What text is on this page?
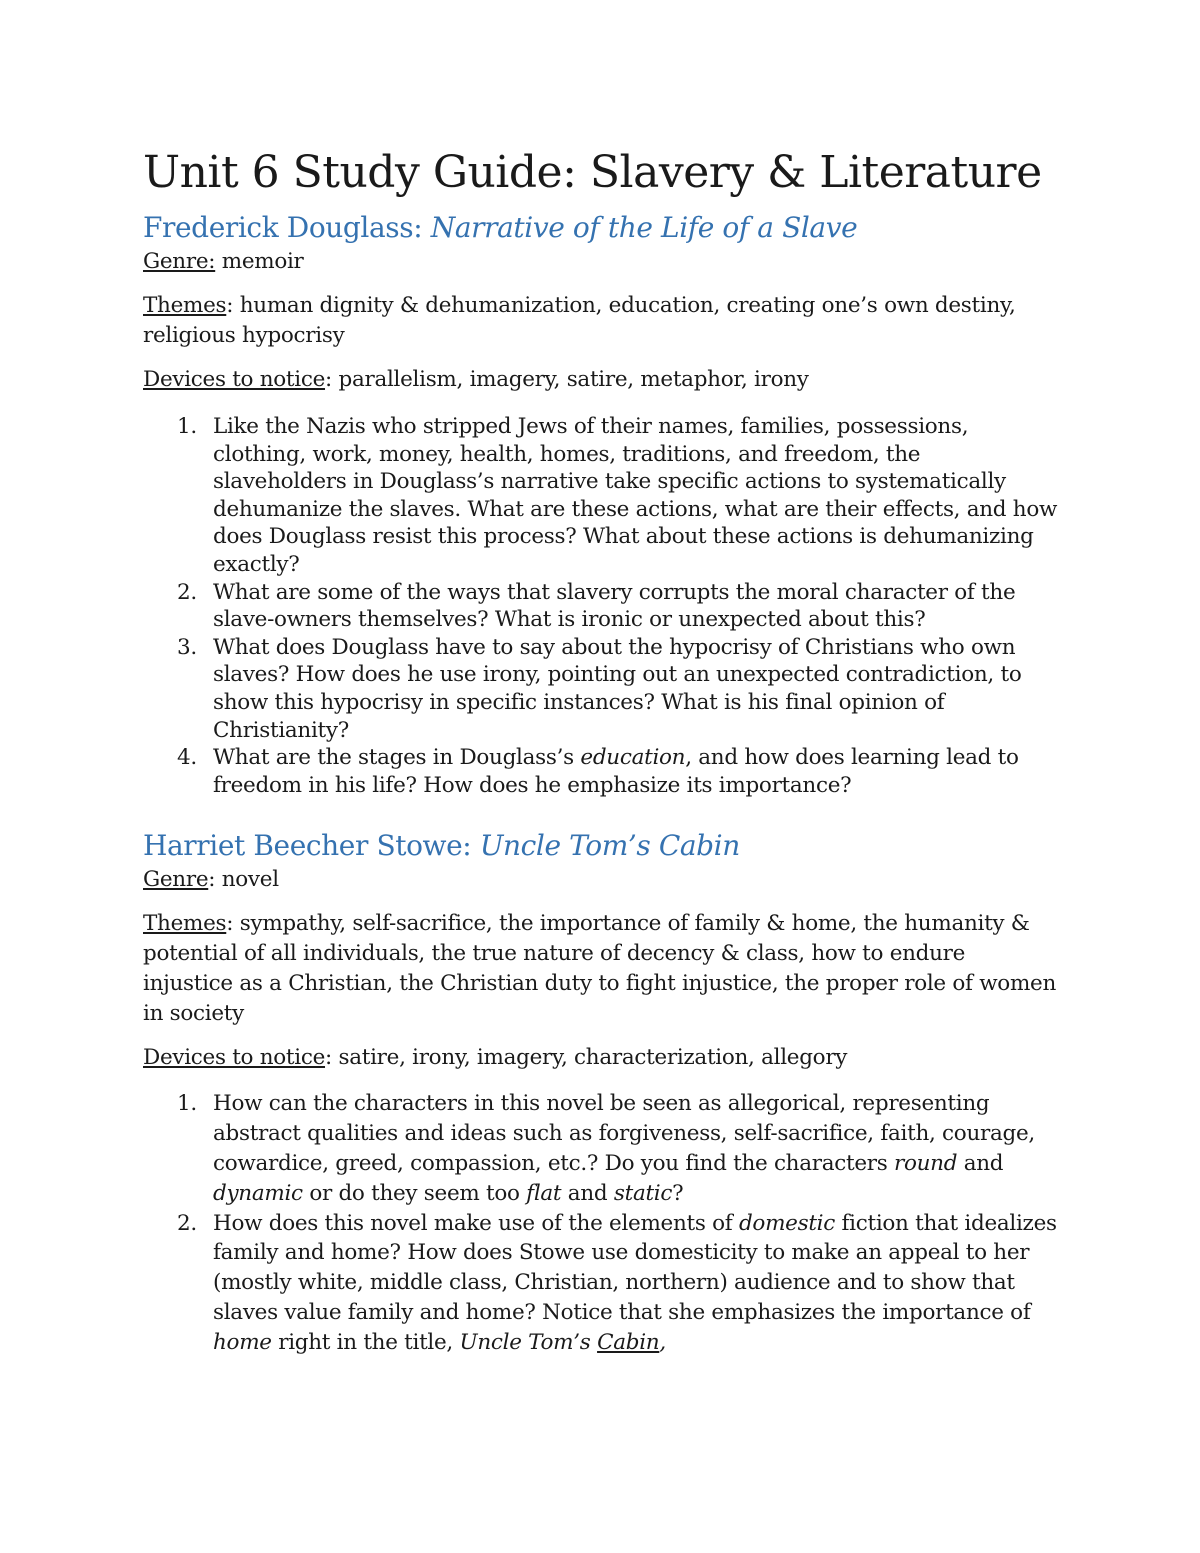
Unit 6 Study Guide: Slavery & Literature
Frederick Douglass: Narrative of the Life of a Slave

Genre: memoir

Themes: human dignity & dehumanization, education, creating one’s own destiny, religious hypocrisy

Devices to notice: parallelism, imagery, satire, metaphor, irony

1. Like the Nazis who stripped Jews of their names, families, possessions, clothing, work, money, health, homes, traditions, and freedom, the slaveholders in Douglass’s narrative take specific actions to systematically dehumanize the slaves. What are these actions, what are their effects, and how does Douglass resist this process? What about these actions is dehumanizing exactly?
2. What are some of the ways that slavery corrupts the moral character of the slave-owners themselves? What is ironic or unexpected about this?
3. What does Douglass have to say about the hypocrisy of Christians who own slaves? How does he use irony, pointing out an unexpected contradiction, to show this hypocrisy in specific instances? What is his final opinion of Christianity?
4. What are the stages in Douglass’s education, and how does learning lead to freedom in his life? How does he emphasize its importance?
Harriet Beecher Stowe: Uncle Tom’s Cabin

Genre: novel

Themes: sympathy, self-sacrifice, the importance of family & home, the humanity & potential of all individuals, the true nature of decency & class, how to endure injustice as a Christian, the Christian duty to fight injustice, the proper role of women in society

Devices to notice: satire, irony, imagery, characterization, allegory

1. How can the characters in this novel be seen as allegorical, representing abstract qualities and ideas such as forgiveness, self-sacrifice, faith, courage, cowardice, greed, compassion, etc.? Do you find the characters round and dynamic or do they seem too flat and static?
2. How does this novel make use of the elements of domestic fiction that idealizes family and home? How does Stowe use domesticity to make an appeal to her (mostly white, middle class, Christian, northern) audience and to show that slaves value family and home? Notice that she emphasizes the importance of home right in the title, Uncle Tom’s Cabin,
